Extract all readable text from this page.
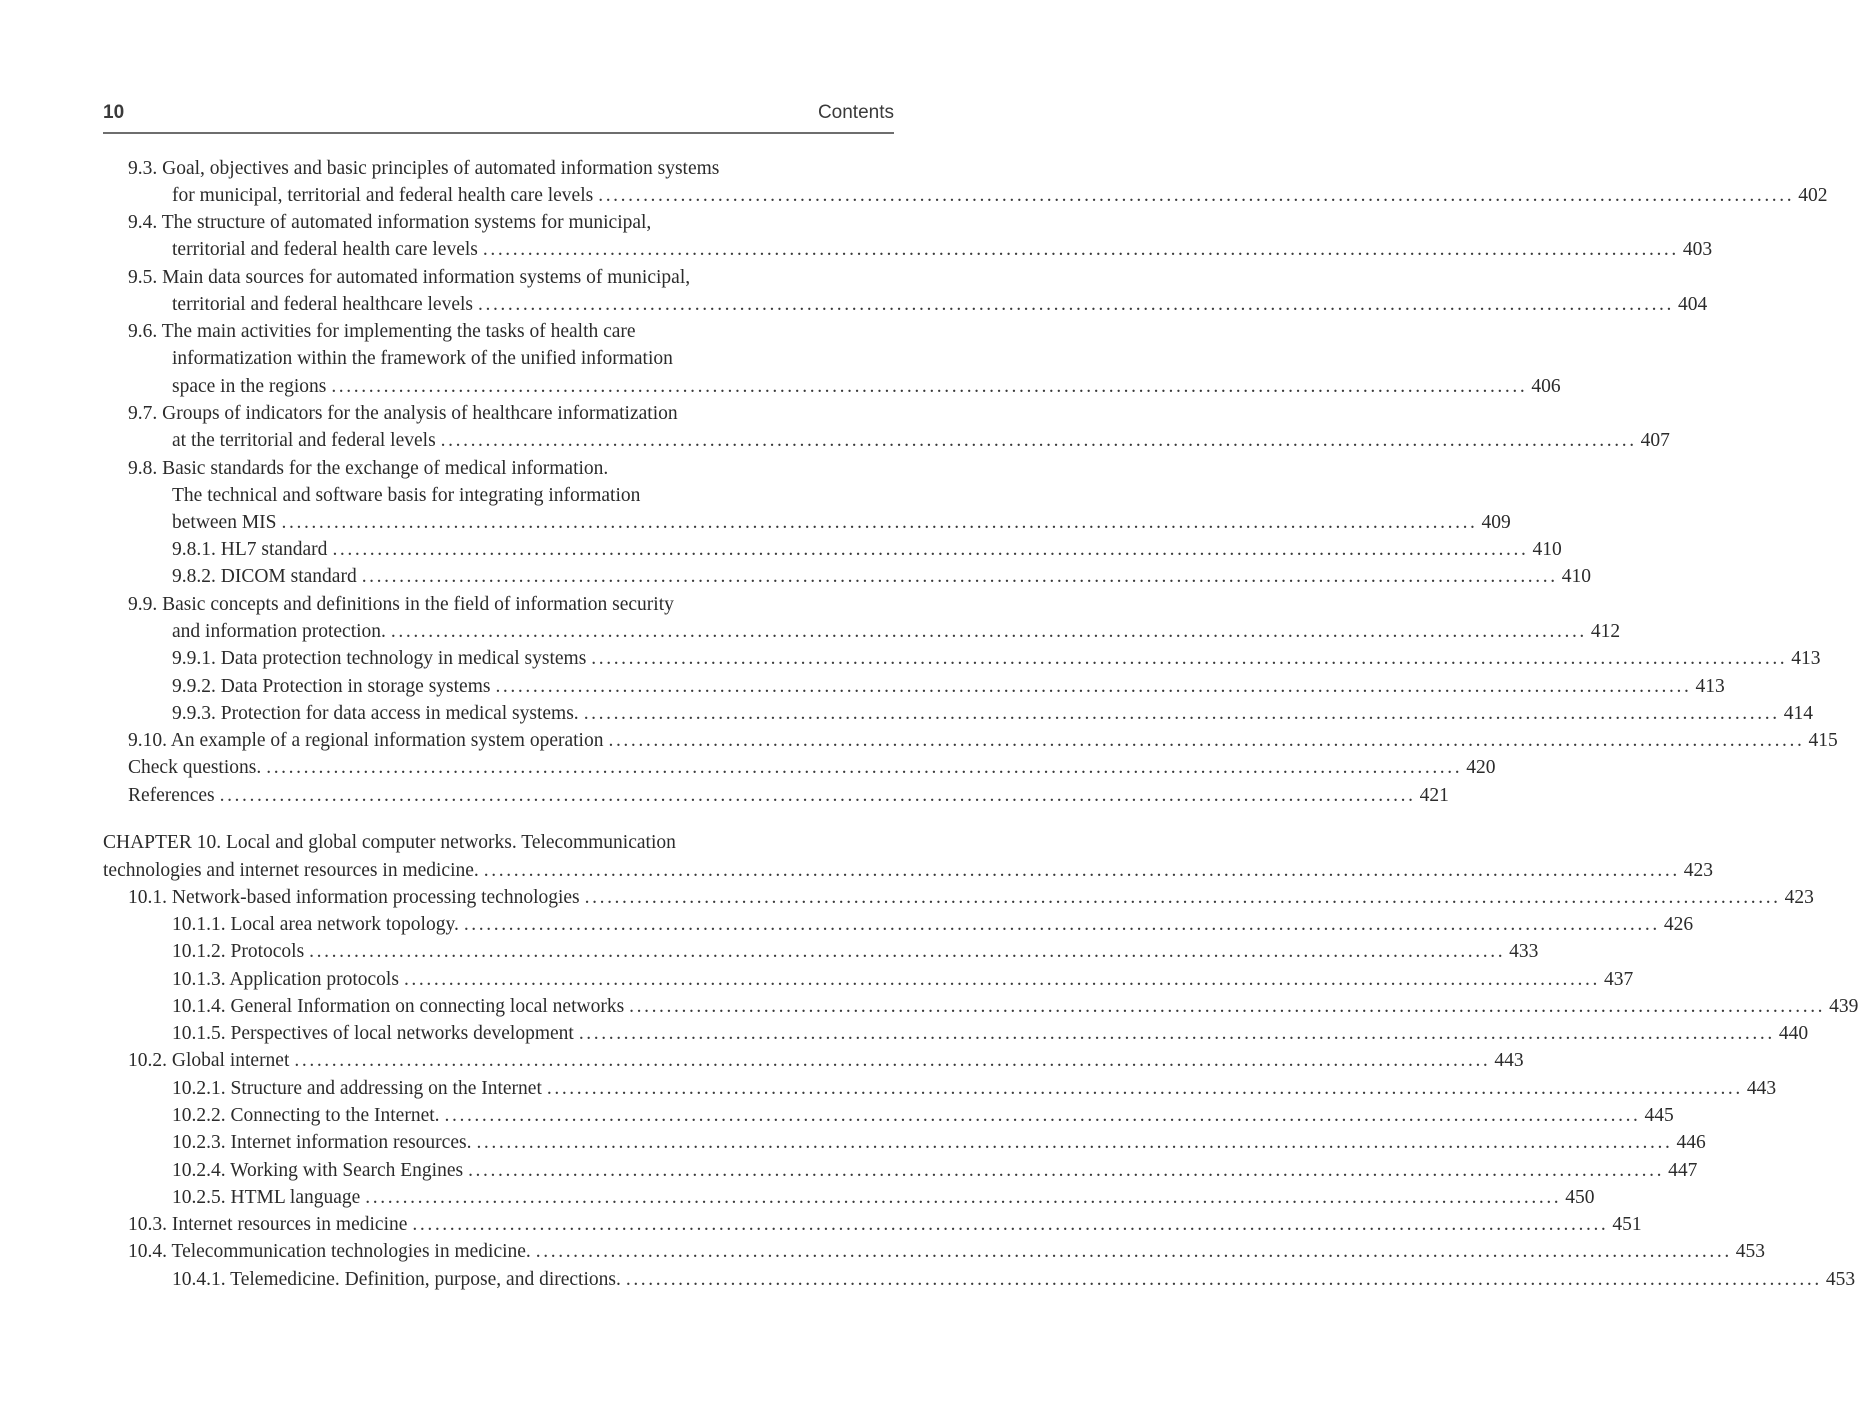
10	Contents
9.3. Goal, objectives and basic principles of automated information systems
for municipal, territorial and federal health care levels ................................................................................................................................................................ 402
9.4. The structure of automated information systems for municipal,
territorial and federal health care levels ................................................................................................................................................................ 403
9.5. Main data sources for automated information systems of municipal,
territorial and federal healthcare levels ................................................................................................................................................................ 404
9.6. The main activities for implementing the tasks of health care
informatization within the framework of the unified information
space in the regions ................................................................................................................................................................ 406
9.7. Groups of indicators for the analysis of healthcare informatization
at the territorial and federal levels ................................................................................................................................................................ 407
9.8. Basic standards for the exchange of medical information.
The technical and software basis for integrating information
between MIS ................................................................................................................................................................ 409
9.8.1. HL7 standard ................................................................................................................................................................ 410
9.8.2. DICOM standard ................................................................................................................................................................ 410
9.9. Basic concepts and definitions in the field of information security
and information protection. ................................................................................................................................................................ 412
9.9.1. Data protection technology in medical systems ................................................................................................................................................................ 413
9.9.2. Data Protection in storage systems ................................................................................................................................................................ 413
9.9.3. Protection for data access in medical systems. ................................................................................................................................................................ 414
9.10. An example of a regional information system operation ................................................................................................................................................................ 415
Check questions. ................................................................................................................................................................ 420
References ................................................................................................................................................................ 421
CHAPTER 10. Local and global computer networks. Telecommunication
technologies and internet resources in medicine. ................................................................................................................................................................ 423
10.1. Network-based information processing technologies ................................................................................................................................................................ 423
10.1.1. Local area network topology. ................................................................................................................................................................ 426
10.1.2. Protocols ................................................................................................................................................................ 433
10.1.3. Application protocols ................................................................................................................................................................ 437
10.1.4. General Information on connecting local networks ................................................................................................................................................................ 439
10.1.5. Perspectives of local networks development ................................................................................................................................................................ 440
10.2. Global internet ................................................................................................................................................................ 443
10.2.1. Structure and addressing on the Internet ................................................................................................................................................................ 443
10.2.2. Connecting to the Internet. ................................................................................................................................................................ 445
10.2.3. Internet information resources. ................................................................................................................................................................ 446
10.2.4. Working with Search Engines ................................................................................................................................................................ 447
10.2.5. HTML language ................................................................................................................................................................ 450
10.3. Internet resources in medicine ................................................................................................................................................................ 451
10.4. Telecommunication technologies in medicine. ................................................................................................................................................................ 453
10.4.1. Telemedicine. Definition, purpose, and directions. ................................................................................................................................................................ 453
